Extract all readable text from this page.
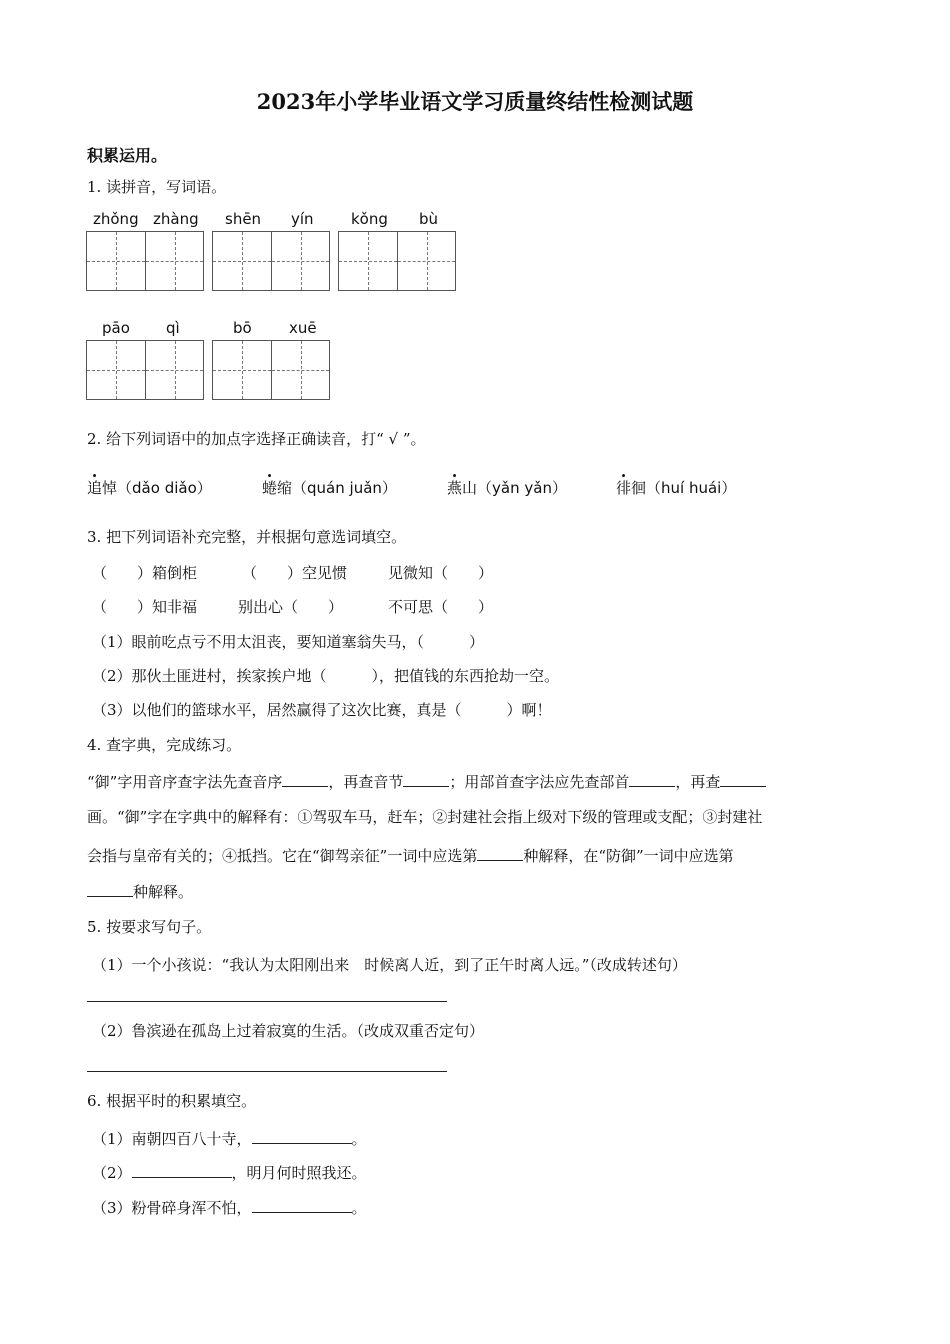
2023年小学毕业语文学习质量终结性检测试题
积累运用。
1. 读拼音，写词语。
zhǒng zhàng shēn yín kǒng bù
pāo qì	bō xuē
2. 给下列词语中的加点字选择正确读音，打“ √ ”。
追悼（dǎo diǎo）	蜷缩（quán juǎn）	燕山（yǎn yǎn）	徘徊（huí huái）
3. 把下列词语补充完整，并根据句意选词填空。
（　　）箱倒柜	（　　）空见惯	见微知（　　）
（　　）知非福	别出心（　　）	不可思（　　）
（1）眼前吃点亏不用太沮丧，要知道塞翁失马，（　　　）
（2）那伙土匪进村，挨家挨户地（　　　），把值钱的东西抢劫一空。
（3）以他们的篮球水平，居然赢得了这次比赛，真是（　　　）啊！
4. 查字典，完成练习。
“御”字用音序查字法先查音序	，再查音节	；用部首查字法应先查部首	，再查
画。“御”字在字典中的解释有：①驾驭车马，赶车；②封建社会指上级对下级的管理或支配；③封建社
会指与皇帝有关的；④抵挡。它在“御驾亲征”一词中应选第	种解释，在“防御”一词中应选第
种解释。
5. 按要求写句子。
（1）一个小孩说：“我认为太阳刚出来　时候离人近，到了正午时离人远。”（改成转述句）
（2）鲁滨逊在孤岛上过着寂寞的生活。（改成双重否定句）
6. 根据平时的积累填空。
（1）南朝四百八十寺，	。
（2）	，明月何时照我还。
（3）粉骨碎身浑不怕，	。
